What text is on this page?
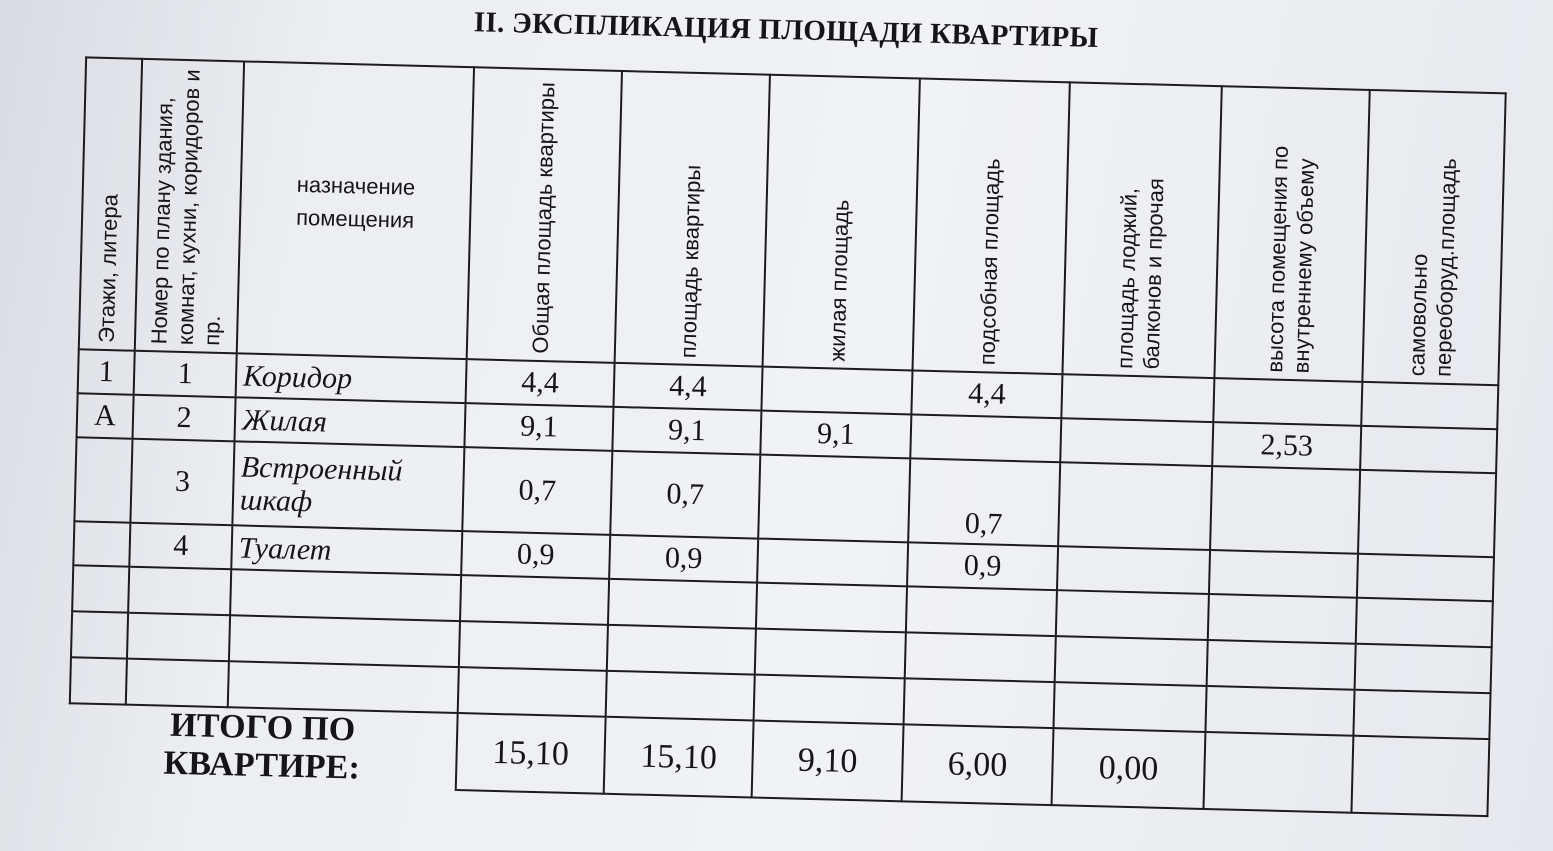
II. ЭКСПЛИКАЦИЯ ПЛОЩАДИ КВАРТИРЫ
Этажи, литера	Номер по плану здания, комнат, кухни, коридоров и пр.	назначение помещения	Общая площадь квартиры	площадь квартиры	жилая площадь	подсобная площадь	площадь лоджий, балконов и прочая	высота помещения по внутреннему объему	самовольно переоборуд.площадь

1	1	Коридор	4,4	4,4		4,4			
А	2	Жилая	9,1	9,1	9,1			2,53	
	3	Встроенный шкаф	0,7	0,7		0,7			
	4	Туалет	0,9	0,9		0,9			

ИТОГО ПО КВАРТИРЕ:			15,10	15,10	9,10	6,00	0,00		
